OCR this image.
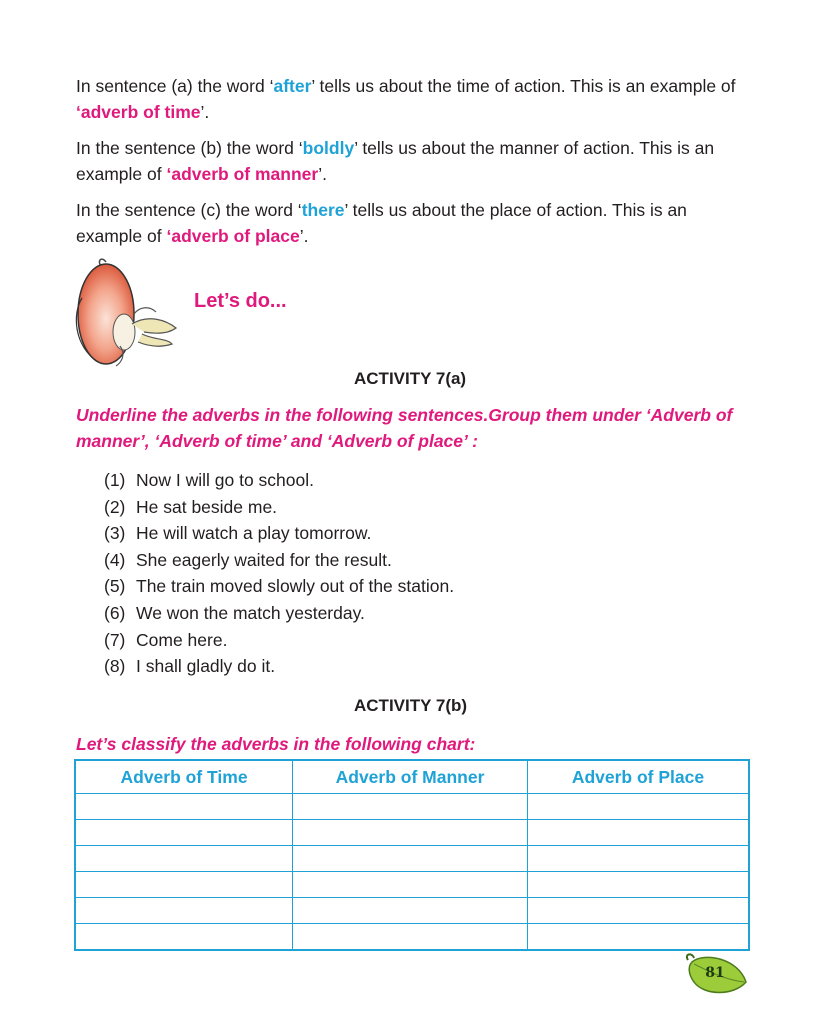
In sentence (a) the word ‘after’ tells us about the time of action. This is an example of ‘adverb of time’.

In the sentence (b) the word ‘boldly’ tells us about the manner of action. This is an example of ‘adverb of manner’.

In the sentence (c) the word ‘there’ tells us about the place of action. This is an example of ‘adverb of place’.

Let’s do...
ACTIVITY 7(a)

Underline the adverbs in the following sentences.Group them under ‘Adverb of manner’, ‘Adverb of time’ and ‘Adverb of place’ :

(1) Now I will go to school.
(2) He sat beside me.
(3) He will watch a play tomorrow.
(4) She eagerly waited for the result.
(5) The train moved slowly out of the station.
(6) We won the match yesterday.
(7) Come here.
(8) I shall gladly do it.
ACTIVITY 7(b)

Let’s classify the adverbs in the following chart:

Adverb of Time	Adverb of Manner	Adverb of Place

81
